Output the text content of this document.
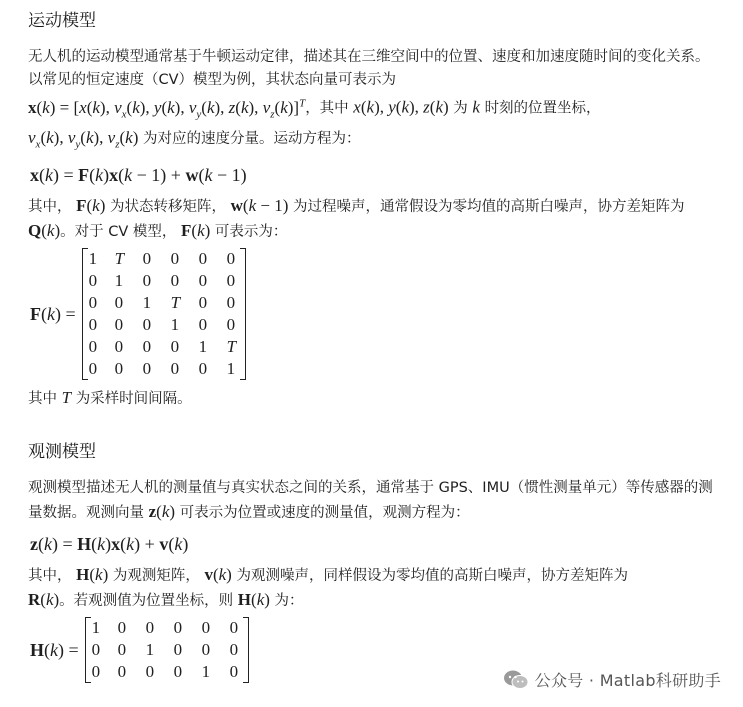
运动模型

无人机的运动模型通常基于牛顿运动定律，描述其在三维空间中的位置、速度和加速度随时间的变化关系。以常见的恒定速度（CV）模型为例，其状态向量可表示为
x(k) = [x(k), $v_x(k)$, y(k), $v_y(k)$, z(k), $v_z(k)]^T$，其中 x(k), y(k), z(k) 为 k 时刻的位置坐标，
$v_x(k)$, $v_y(k)$, $v_z(k)$ 为对应的速度分量。运动方程为：

x(k) = F(k)x(k − 1) + w(k − 1)

其中， F(k) 为状态转移矩阵， w(k − 1) 为过程噪声，通常假设为零均值的高斯白噪声，协方差矩阵为 Q(k)。对于 CV 模型， F(k) 可表示为：

F(k) =
1	T	0	0	0	0
0	1	0	0	0	0
0	0	1	T	0	0
0	0	0	1	0	0
0	0	0	0	1	T
0	0	0	0	0	1

其中 T 为采样时间间隔。

观测模型

观测模型描述无人机的测量值与真实状态之间的关系，通常基于 GPS、IMU（惯性测量单元）等传感器的测量数据。观测向量 z(k) 可表示为位置或速度的测量值，观测方程为：

z(k) = H(k)x(k) + v(k)

其中， H(k) 为观测矩阵， v(k) 为观测噪声，同样假设为零均值的高斯白噪声，协方差矩阵为
R(k)。若观测值为位置坐标，则 H(k) 为：

H(k) =
1	0	0	0	0	0
0	0	1	0	0	0
0	0	0	0	1	0	公众号 · Matlab科研助手
